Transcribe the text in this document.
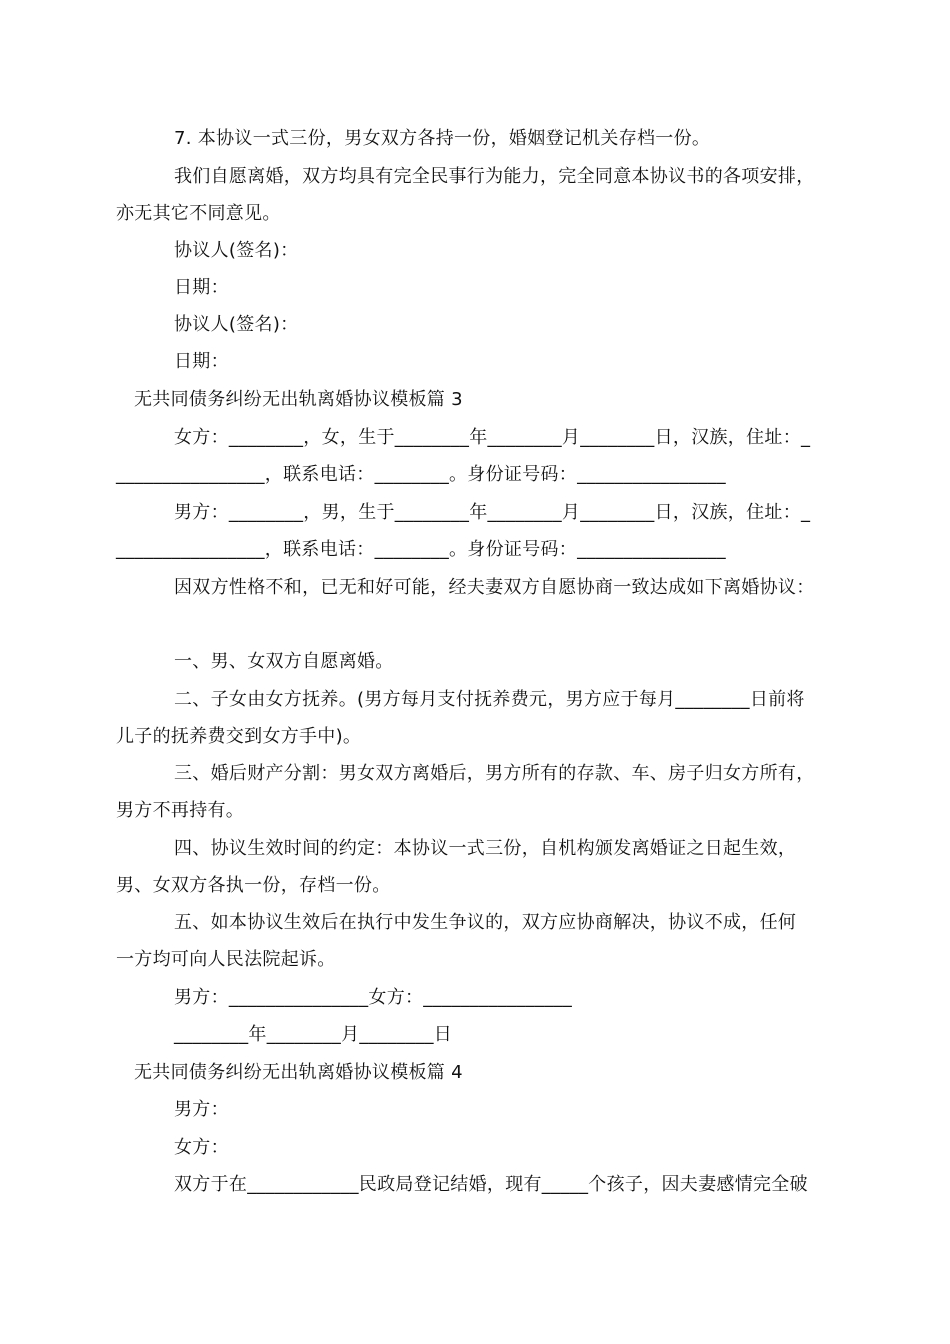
7. 本协议一式三份，男女双方各持一份，婚姻登记机关存档一份。
我们自愿离婚，双方均具有完全民事行为能力，完全同意本协议书的各项安排，
亦无其它不同意见。
协议人(签名)：
日期：
协议人(签名)：
日期：
无共同债务纠纷无出轨离婚协议模板篇 3
女方：________，女，生于________年________月________日，汉族，住址：_
________________，联系电话：________。身份证号码：________________
男方：________，男，生于________年________月________日，汉族，住址：_
________________，联系电话：________。身份证号码：________________
因双方性格不和，已无和好可能，经夫妻双方自愿协商一致达成如下离婚协议：
一、男、女双方自愿离婚。
二、子女由女方抚养。(男方每月支付抚养费元，男方应于每月________日前将
儿子的抚养费交到女方手中)。
三、婚后财产分割：男女双方离婚后，男方所有的存款、车、房子归女方所有，
男方不再持有。
四、协议生效时间的约定：本协议一式三份，自机构颁发离婚证之日起生效，
男、女双方各执一份，存档一份。
五、如本协议生效后在执行中发生争议的，双方应协商解决，协议不成，任何
一方均可向人民法院起诉。
男方：_______________女方：________________
________年________月________日
无共同债务纠纷无出轨离婚协议模板篇 4
男方：
女方：
双方于在____________民政局登记结婚，现有_____个孩子，因夫妻感情完全破
